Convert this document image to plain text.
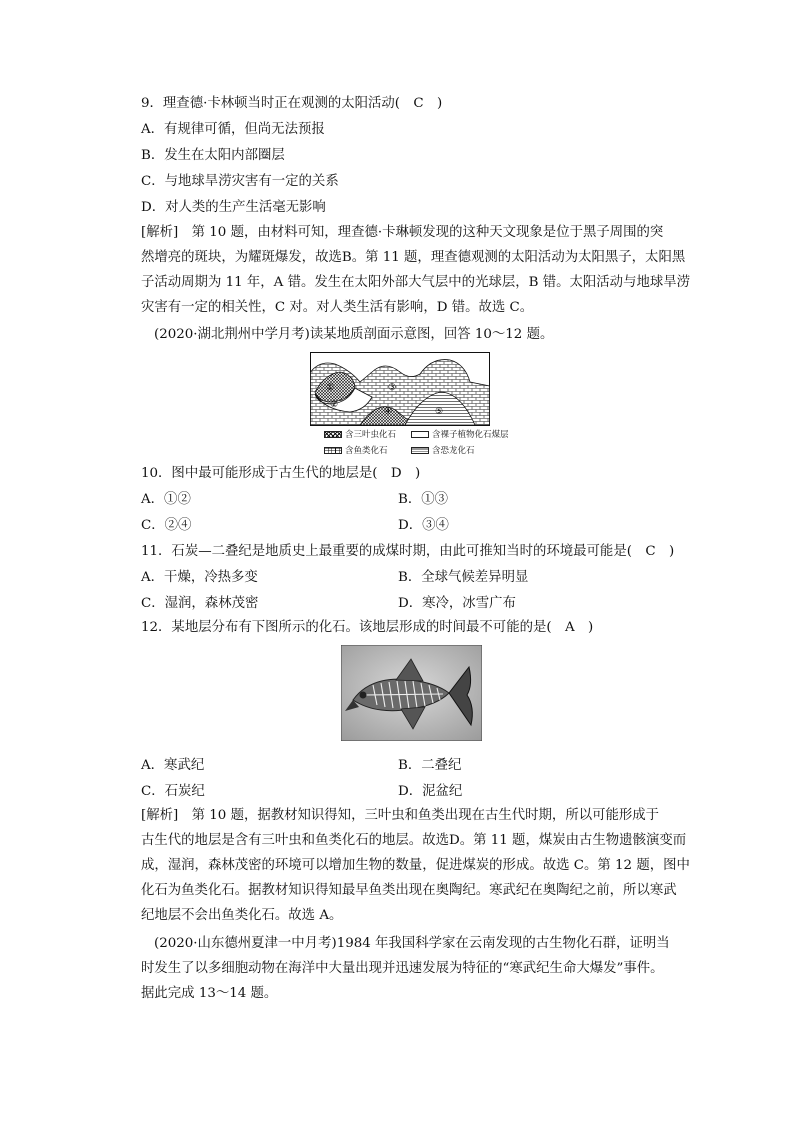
9．理查德·卡林顿当时正在观测的太阳活动(　C　)
A．有规律可循，但尚无法预报
B．发生在太阳内部圈层
C．与地球旱涝灾害有一定的关系
D．对人类的生产生活毫无影响
[解析]　第 10 题，由材料可知，理查德·卡琳顿发现的这种天文现象是位于黑子周围的突
然增亮的斑块，为耀斑爆发，故选B。第 11 题，理查德观测的太阳活动为太阳黑子，太阳黑
子活动周期为 11 年，A 错。发生在太阳外部大气层中的光球层，B 错。太阳活动与地球旱涝
灾害有一定的相关性，C 对。对人类生活有影响，D 错。故选 C。
(2020·湖北荆州中学月考)读某地质剖面示意图，回答 10～12 题。
①
②
③
④	⑤
含三叶虫化石	含裸子植物化石煤层
含鱼类化石	含恐龙化石
10．图中最可能形成于古生代的地层是(　D　)
A．①②	B．①③
C．②④	D．③④
11．石炭—二叠纪是地质史上最重要的成煤时期，由此可推知当时的环境最可能是(　C　)
A．干燥，冷热多变	B．全球气候差异明显
C．湿润，森林茂密	D．寒冷，冰雪广布
12．某地层分布有下图所示的化石。该地层形成的时间最不可能的是(　A　)
A．寒武纪	B．二叠纪
C．石炭纪	D．泥盆纪
[解析]　第 10 题，据教材知识得知，三叶虫和鱼类出现在古生代时期，所以可能形成于
古生代的地层是含有三叶虫和鱼类化石的地层。故选D。第 11 题，煤炭由古生物遗骸演变而
成，湿润，森林茂密的环境可以增加生物的数量，促进煤炭的形成。故选 C。第 12 题，图中
化石为鱼类化石。据教材知识得知最早鱼类出现在奥陶纪。寒武纪在奥陶纪之前，所以寒武
纪地层不会出鱼类化石。故选 A。
(2020·山东德州夏津一中月考)1984 年我国科学家在云南发现的古生物化石群，证明当
时发生了以多细胞动物在海洋中大量出现并迅速发展为特征的“寒武纪生命大爆发”事件。
据此完成 13～14 题。
